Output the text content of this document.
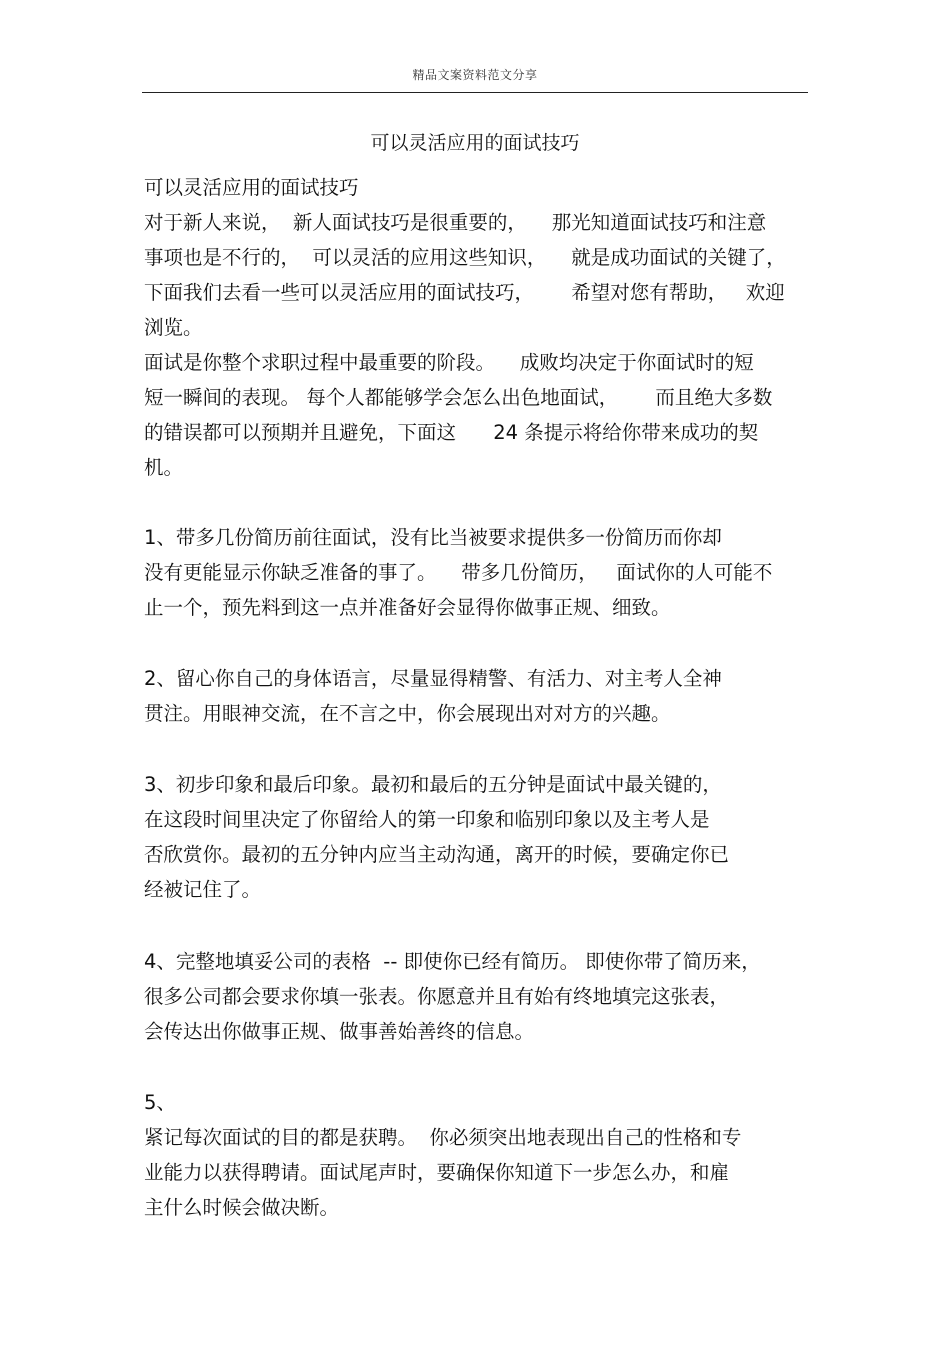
精品文案资料范文分享
可以灵活应用的面试技巧
可以灵活应用的面试技巧
对于新人来说，  新人面试技巧是很重要的，    那光知道面试技巧和注意
事项也是不行的，  可以灵活的应用这些知识，    就是成功面试的关键了，
下面我们去看一些可以灵活应用的面试技巧，      希望对您有帮助，   欢迎
浏览。
面试是你整个求职过程中最重要的阶段。    成败均决定于你面试时的短
短一瞬间的表现。 每个人都能够学会怎么出色地面试，      而且绝大多数
的错误都可以预期并且避免，下面这      24 条提示将给你带来成功的契
机。
1、带多几份简历前往面试，没有比当被要求提供多一份简历而你却
没有更能显示你缺乏准备的事了。    带多几份简历，   面试你的人可能不
止一个，预先料到这一点并准备好会显得你做事正规、细致。
2、留心你自己的身体语言，尽量显得精警、有活力、对主考人全神
贯注。用眼神交流，在不言之中，你会展现出对对方的兴趣。
3、初步印象和最后印象。最初和最后的五分钟是面试中最关键的，
在这段时间里决定了你留给人的第一印象和临别印象以及主考人是
否欣赏你。最初的五分钟内应当主动沟通，离开的时候，要确定你已
经被记住了。
4、完整地填妥公司的表格  -- 即使你已经有简历。 即使你带了简历来，
很多公司都会要求你填一张表。你愿意并且有始有终地填完这张表，
会传达出你做事正规、做事善始善终的信息。
5、
紧记每次面试的目的都是获聘。  你必须突出地表现出自己的性格和专
业能力以获得聘请。面试尾声时，要确保你知道下一步怎么办，和雇
主什么时候会做决断。
